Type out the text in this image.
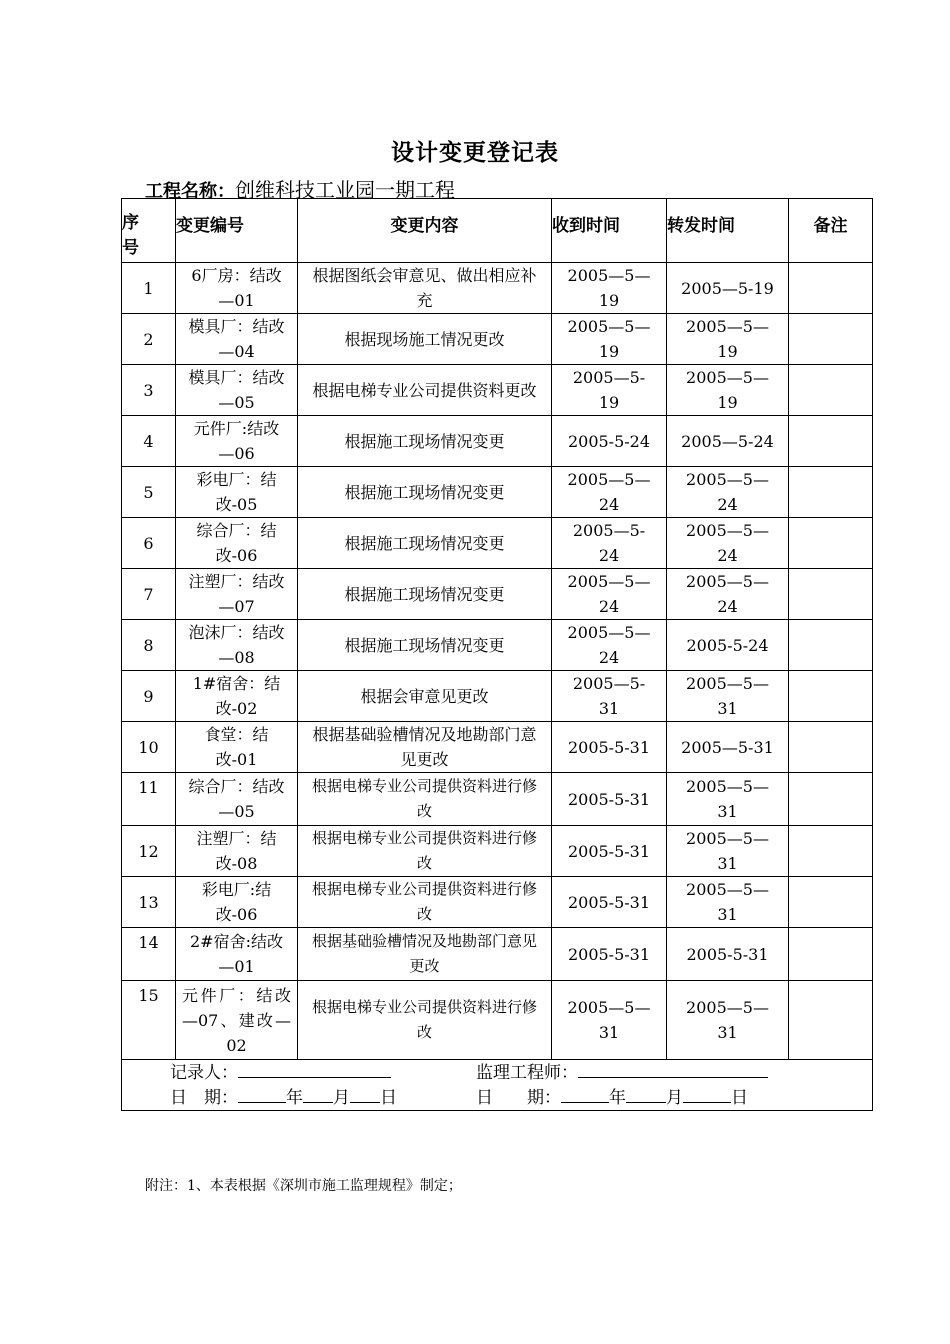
设计变更登记表
工程名称：创维科技工业园一期工程
序号	变更编号	变更内容	收到时间	转发时间	备注
1	6厂房：结改—01	根据图纸会审意见、做出相应补充	2005—5—19	2005—5-19	
2	模具厂：结改—04	根据现场施工情况更改	2005—5—19	2005—5—19	
3	模具厂：结改—05	根据电梯专业公司提供资料更改	2005—5-19	2005—5—19	
4	元件厂:结改—06	根据施工现场情况变更	2005-5-24	2005—5-24	
5	彩电厂：结改-05	根据施工现场情况变更	2005—5—24	2005—5—24	
6	综合厂：结改-06	根据施工现场情况变更	2005—5-24	2005—5—24	
7	注塑厂：结改—07	根据施工现场情况变更	2005—5—24	2005—5—24	
8	泡沫厂：结改—08	根据施工现场情况变更	2005—5—24	2005-5-24	
9	1#宿舍：结改-02	根据会审意见更改	2005—5-31	2005—5—31	
10	食堂：结改-01	根据基础验槽情况及地勘部门意见更改	2005-5-31	2005—5-31	
11	综合厂：结改—05	根据电梯专业公司提供资料进行修改	2005-5-31	2005—5—31	
12	注塑厂：结改-08	根据电梯专业公司提供资料进行修改	2005-5-31	2005—5—31	
13	彩电厂:结改-06	根据电梯专业公司提供资料进行修改	2005-5-31	2005—5—31	
14	2#宿舍:结改—01	根据基础验槽情况及地勘部门意见更改	2005-5-31	2005-5-31	
15	元件厂：结改—07、建改—02	根据电梯专业公司提供资料进行修改	2005—5—31	2005—5—31	

记录人： 监理工程师：
日　期： 年 月 日 日　　期： 年 月 日					
附注：1、本表根据《深圳市施工监理规程》制定；
